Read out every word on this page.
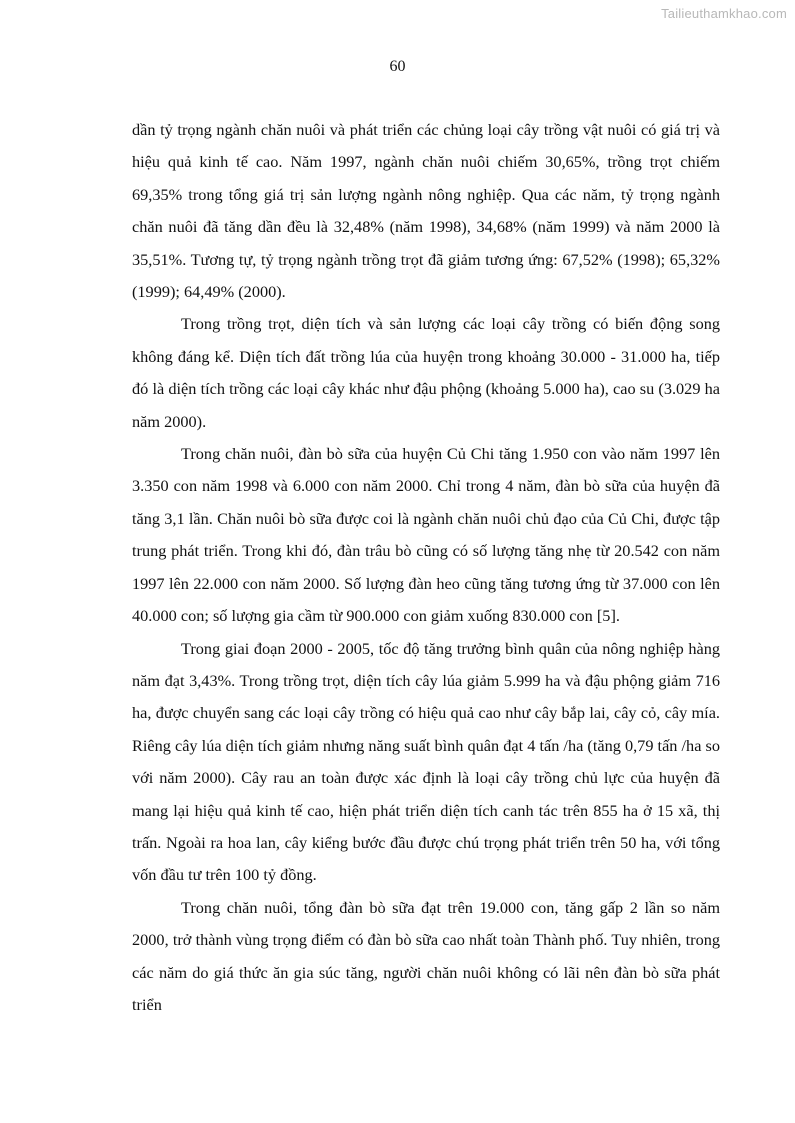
Tailieuthamkhao.com
60

dần tỷ trọng ngành chăn nuôi và phát triển các chủng loại cây trồng vật nuôi có giá trị và hiệu quả kinh tế cao. Năm 1997, ngành chăn nuôi chiếm 30,65%, trồng trọt chiếm 69,35% trong tổng giá trị sản lượng ngành nông nghiệp. Qua các năm, tỷ trọng ngành chăn nuôi đã tăng dần đều là 32,48% (năm 1998), 34,68% (năm 1999) và năm 2000 là 35,51%. Tương tự, tỷ trọng ngành trồng trọt đã giảm tương ứng: 67,52% (1998); 65,32% (1999); 64,49% (2000).

Trong trồng trọt, diện tích và sản lượng các loại cây trồng có biến động song không đáng kể. Diện tích đất trồng lúa của huyện trong khoảng 30.000 - 31.000 ha, tiếp đó là diện tích trồng các loại cây khác như đậu phộng (khoảng 5.000 ha), cao su (3.029 ha năm 2000).

Trong chăn nuôi, đàn bò sữa của huyện Củ Chi tăng 1.950 con vào năm 1997 lên 3.350 con năm 1998 và 6.000 con năm 2000. Chỉ trong 4 năm, đàn bò sữa của huyện đã tăng 3,1 lần. Chăn nuôi bò sữa được coi là ngành chăn nuôi chủ đạo của Củ Chi, được tập trung phát triển. Trong khi đó, đàn trâu bò cũng có số lượng tăng nhẹ từ 20.542 con năm 1997 lên 22.000 con năm 2000. Số lượng đàn heo cũng tăng tương ứng từ 37.000 con lên 40.000 con; số lượng gia cầm từ 900.000 con giảm xuống 830.000 con [5].

Trong giai đoạn 2000 - 2005, tốc độ tăng trưởng bình quân của nông nghiệp hàng năm đạt 3,43%. Trong trồng trọt, diện tích cây lúa giảm 5.999 ha và đậu phộng giảm 716 ha, được chuyển sang các loại cây trồng có hiệu quả cao như cây bắp lai, cây cỏ, cây mía. Riêng cây lúa diện tích giảm nhưng năng suất bình quân đạt 4 tấn /ha (tăng 0,79 tấn /ha so với năm 2000). Cây rau an toàn được xác định là loại cây trồng chủ lực của huyện đã mang lại hiệu quả kinh tế cao, hiện phát triển diện tích canh tác trên 855 ha ở 15 xã, thị trấn. Ngoài ra hoa lan, cây kiểng bước đầu được chú trọng phát triển trên 50 ha, với tổng vốn đầu tư trên 100 tỷ đồng.

Trong chăn nuôi, tổng đàn bò sữa đạt trên 19.000 con, tăng gấp 2 lần so năm 2000, trở thành vùng trọng điểm có đàn bò sữa cao nhất toàn Thành phố. Tuy nhiên, trong các năm do giá thức ăn gia súc tăng, người chăn nuôi không có lãi nên đàn bò sữa phát triển
